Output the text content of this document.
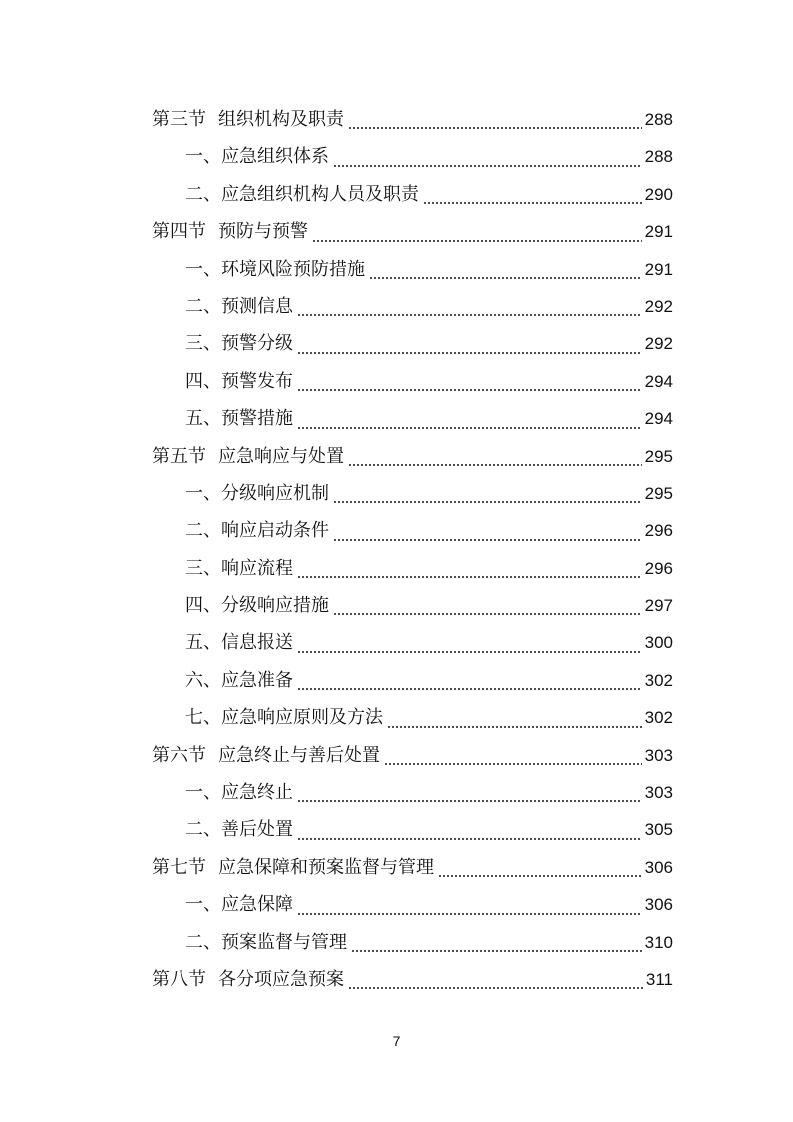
第三节 组织机构及职责	288
一、 应急组织体系	288
二、 应急组织机构人员及职责	290
第四节 预防与预警	291
一、 环境风险预防措施	291
二、 预测信息	292
三、 预警分级	292
四、 预警发布	294
五、 预警措施	294
第五节 应急响应与处置	295
一、 分级响应机制	295
二、 响应启动条件	296
三、 响应流程	296
四、 分级响应措施	297
五、 信息报送	300
六、 应急准备	302
七、 应急响应原则及方法	302
第六节 应急终止与善后处置	303
一、 应急终止	303
二、 善后处置	305
第七节 应急保障和预案监督与管理	306
一、 应急保障	306
二、 预案监督与管理	310
第八节 各分项应急预案	311
7
